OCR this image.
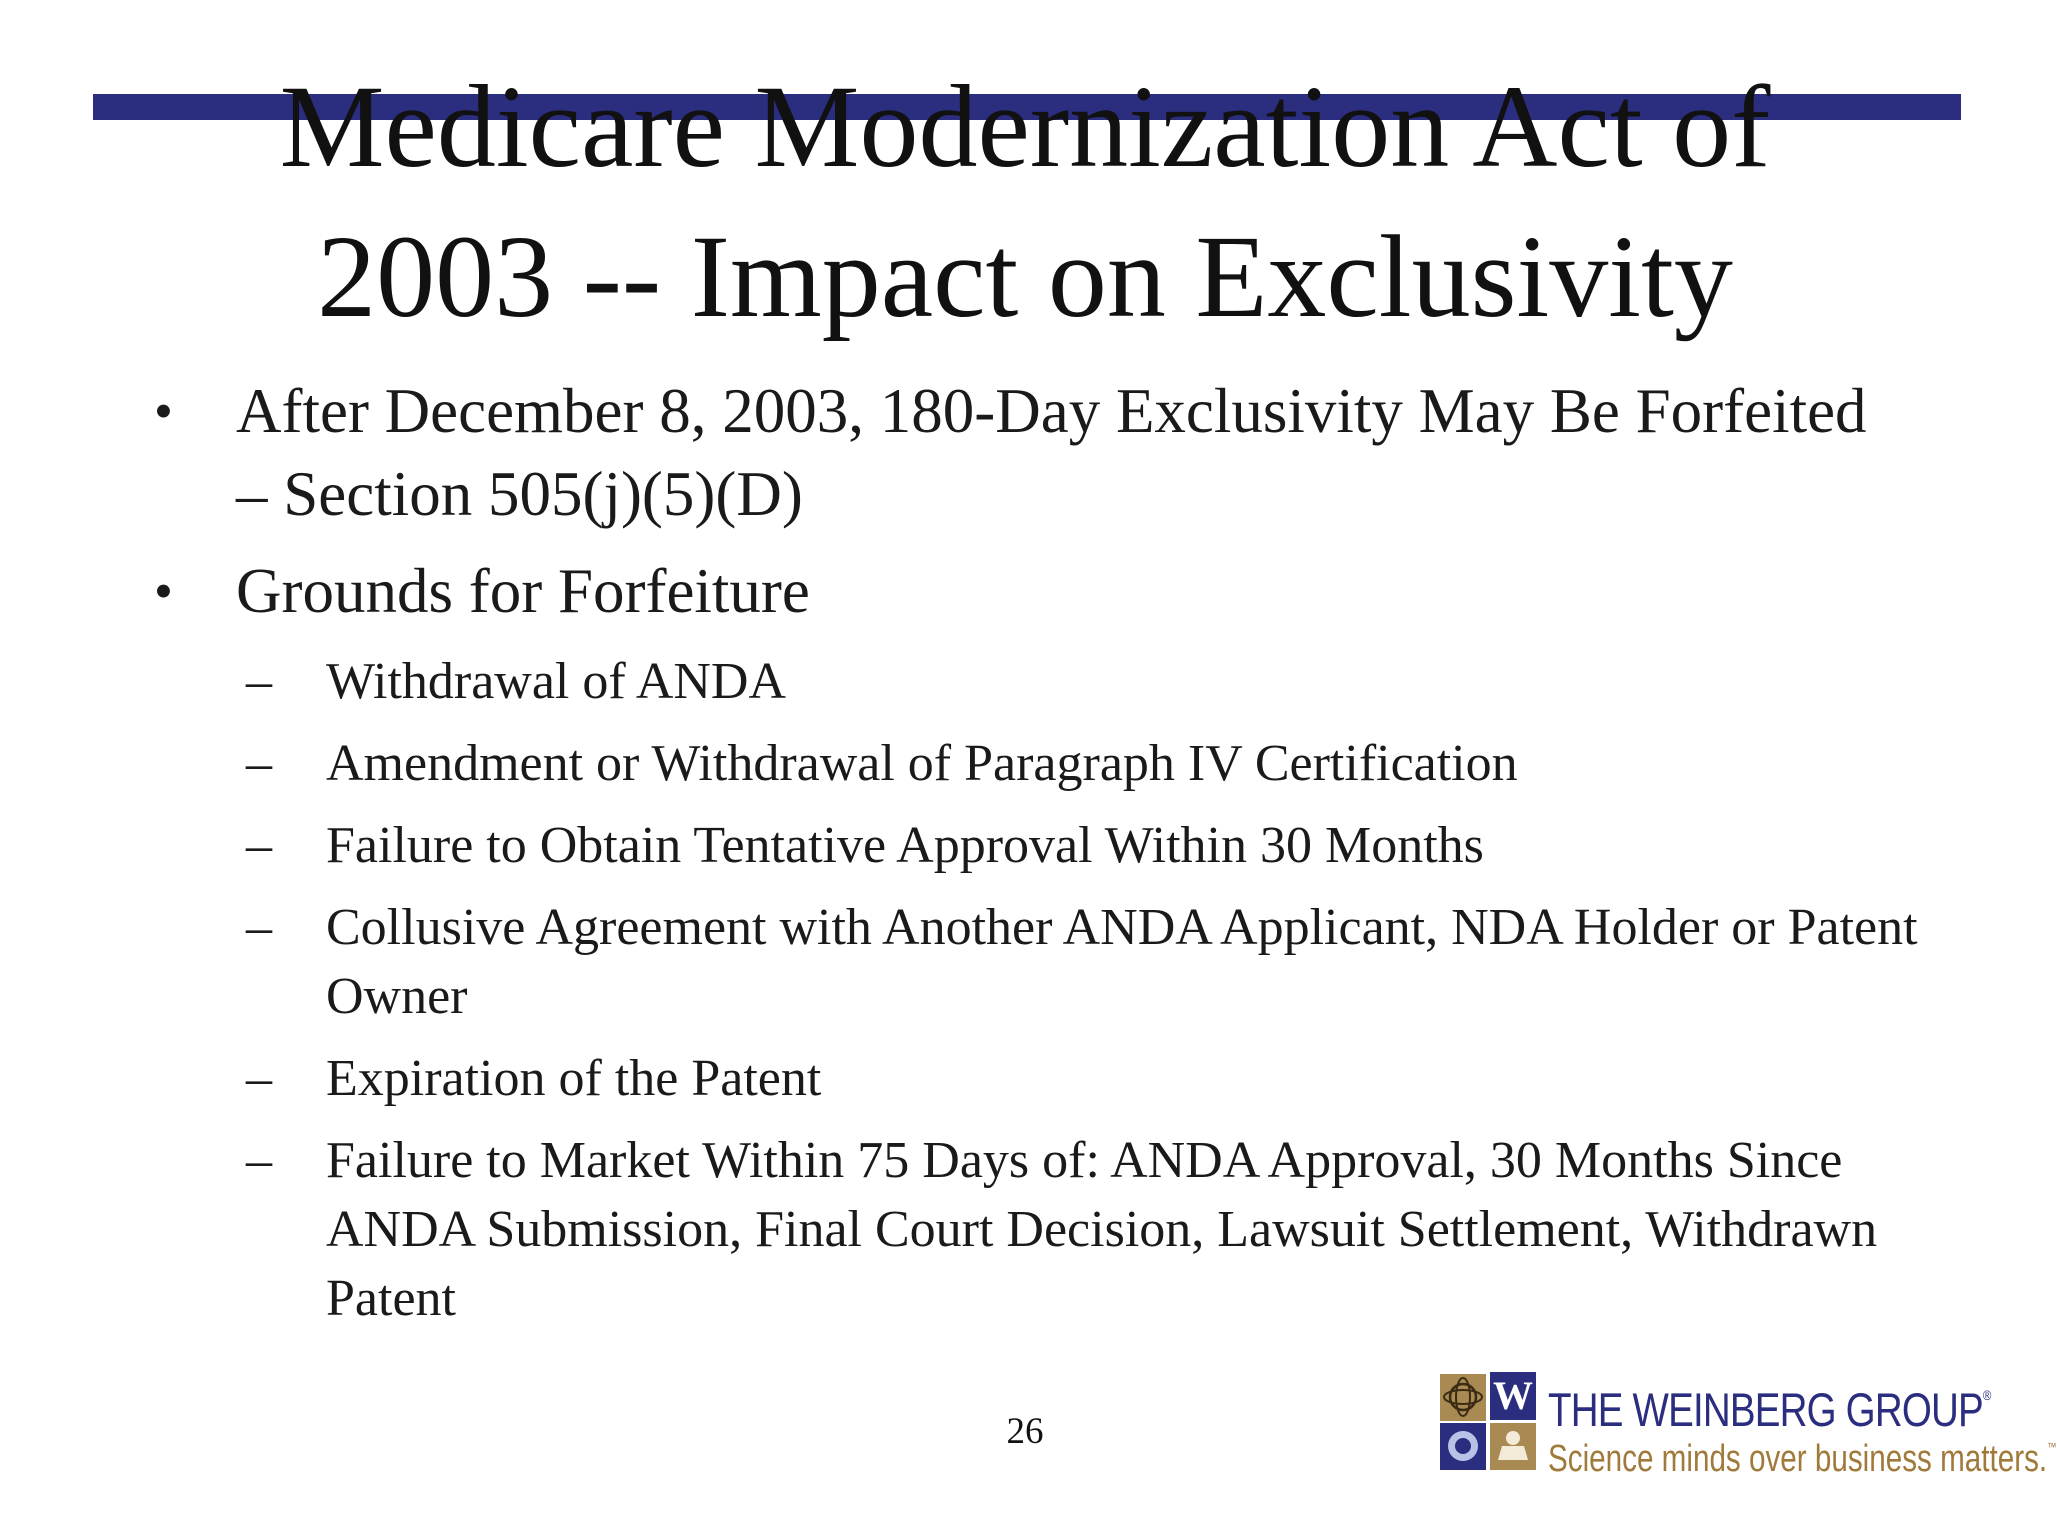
Medicare Modernization Act of
2003 -- Impact on Exclusivity
• After December 8, 2003, 180-Day Exclusivity May Be Forfeited – Section 505(j)(5)(D)
• Grounds for Forfeiture
– Withdrawal of ANDA
– Amendment or Withdrawal of Paragraph IV Certification
– Failure to Obtain Tentative Approval Within 30 Months
– Collusive Agreement with Another ANDA Applicant, NDA Holder or Patent Owner
– Expiration of the Patent
– Failure to Market Within 75 Days of: ANDA Approval, 30 Months Since ANDA Submission, Final Court Decision, Lawsuit Settlement, Withdrawn Patent
26
W THE WEINBERG GROUP®
Science minds over business matters.™
